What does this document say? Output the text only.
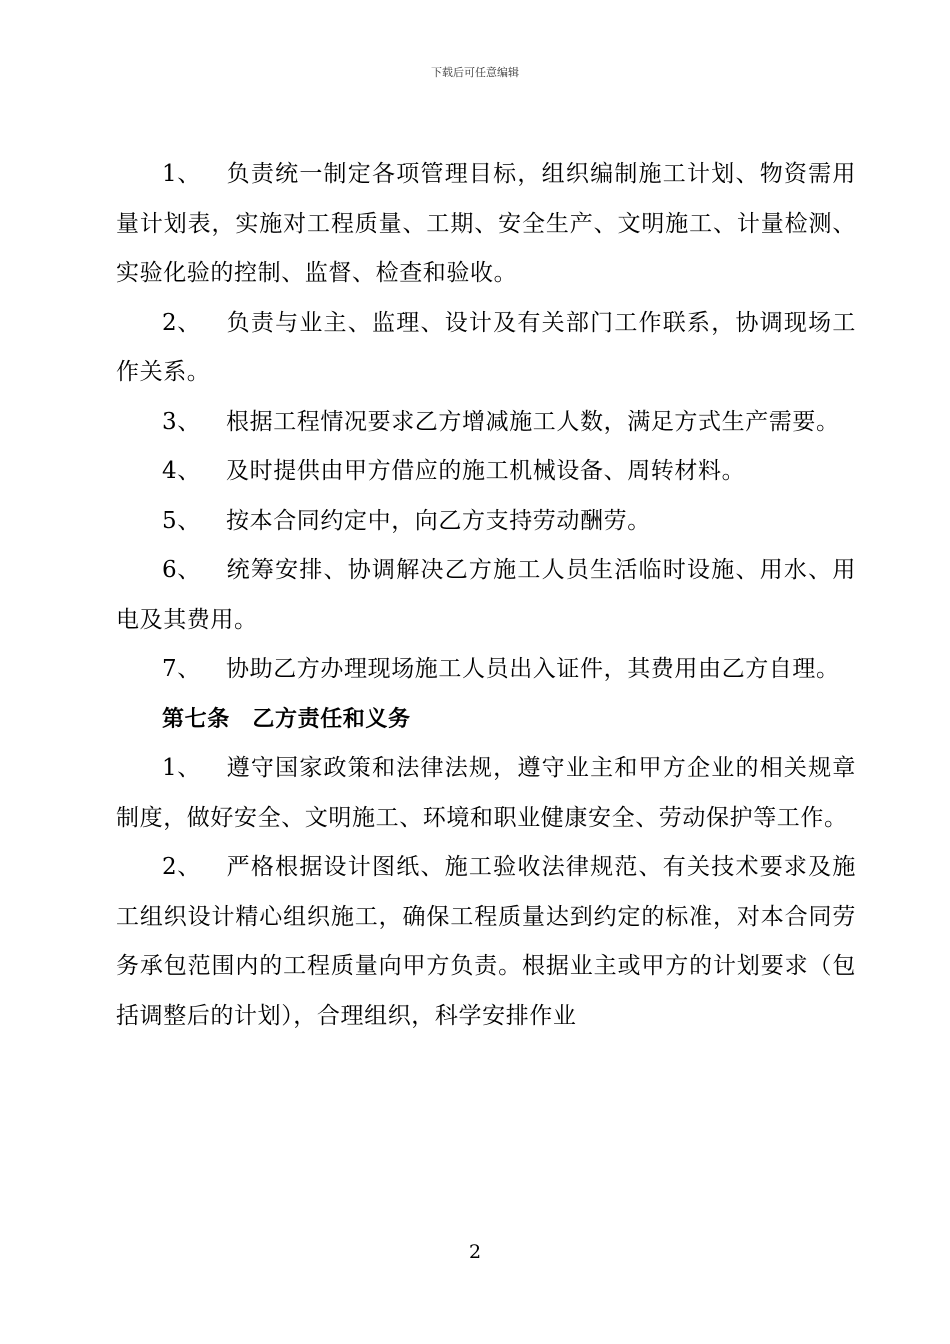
下载后可任意编辑

1、 负责统一制定各项管理目标，组织编制施工计划、物资需用量计划表，实施对工程质量、工期、安全生产、文明施工、计量检测、实验化验的控制、监督、检查和验收。

2、 负责与业主、监理、设计及有关部门工作联系，协调现场工作关系。

3、 根据工程情况要求乙方增减施工人数，满足方式生产需要。

4、 及时提供由甲方借应的施工机械设备、周转材料。

5、 按本合同约定中，向乙方支持劳动酬劳。

6、 统筹安排、协调解决乙方施工人员生活临时设施、用水、用电及其费用。

7、 协助乙方办理现场施工人员出入证件，其费用由乙方自理。

第七条　乙方责任和义务

1、 遵守国家政策和法律法规，遵守业主和甲方企业的相关规章制度，做好安全、文明施工、环境和职业健康安全、劳动保护等工作。

2、 严格根据设计图纸、施工验收法律规范、有关技术要求及施工组织设计精心组织施工，确保工程质量达到约定的标准，对本合同劳务承包范围内的工程质量向甲方负责。根据业主或甲方的计划要求（包括调整后的计划），合理组织，科学安排作业

2
